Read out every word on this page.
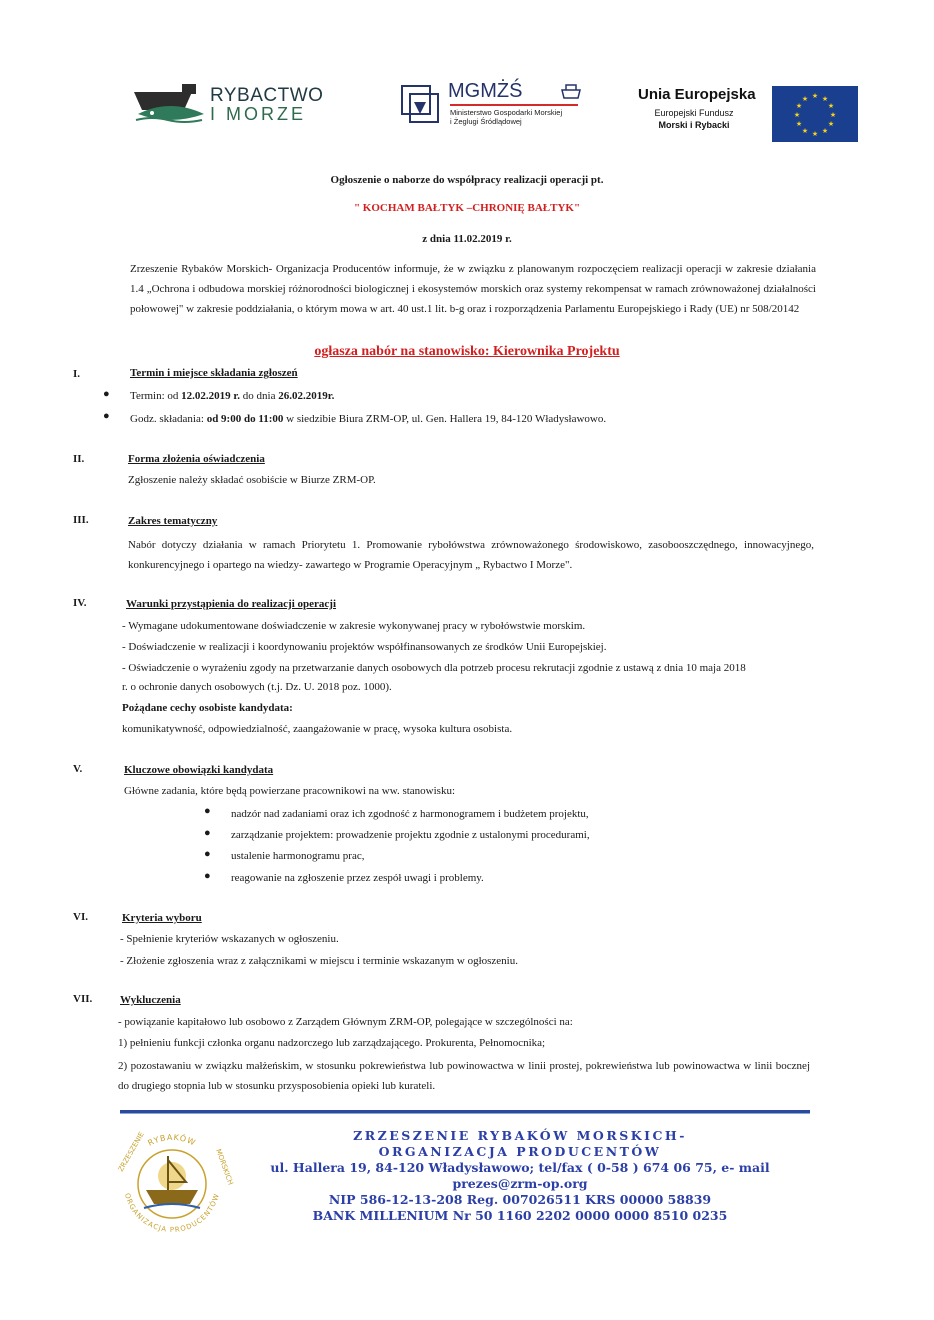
RYBACTWO
I MORZE
MGMŻŚ
Ministerstwo Gospodarki Morskiej
i Żeglugi Śródlądowej
Unia Europejska
Europejski Fundusz
Morski i Rybacki
★ ★
★
★
★
★
★
★
★
★
★
★
Ogłoszenie o naborze do współpracy realizacji operacji pt.
" KOCHAM BAŁTYK –CHRONIĘ BAŁTYK"
z dnia 11.02.2019 r.
Zrzeszenie Rybaków Morskich- Organizacja Producentów informuje, że w związku z planowanym rozpoczęciem realizacji operacji w zakresie działania 1.4 „Ochrona i odbudowa morskiej różnorodności biologicznej i ekosystemów morskich oraz systemy rekompensat w ramach zrównoważonej działalności połowowej" w zakresie poddziałania, o którym mowa w art. 40 ust.1 lit. b-g oraz i rozporządzenia Parlamentu Europejskiego i Rady (UE) nr 508/20142
ogłasza nabór na stanowisko: Kierownika Projektu
I.	Termin i miejsce składania zgłoszeń
● Termin: od 12.02.2019 r. do dnia 26.02.2019r.
● Godz. składania: od 9:00 do 11:00 w siedzibie Biura ZRM-OP, ul. Gen. Hallera 19, 84-120 Władysławowo.
II.	Forma złożenia oświadczenia
Zgłoszenie należy składać osobiście w Biurze ZRM-OP.
III.	Zakres tematyczny
Nabór dotyczy działania w ramach Priorytetu 1. Promowanie rybołówstwa zrównoważonego środowiskowo, zasobooszczędnego, innowacyjnego, konkurencyjnego i opartego na wiedzy- zawartego w Programie Operacyjnym „ Rybactwo I Morze".
IV.	Warunki przystąpienia do realizacji operacji
- Wymagane udokumentowane doświadczenie w zakresie wykonywanej pracy w rybołówstwie morskim.
- Doświadczenie w realizacji i koordynowaniu projektów współfinansowanych ze środków Unii Europejskiej.
- Oświadczenie o wyrażeniu zgody na przetwarzanie danych osobowych dla potrzeb procesu rekrutacji zgodnie z ustawą z dnia 10 maja 2018
r. o ochronie danych osobowych (t.j. Dz. U. 2018 poz. 1000).
Pożądane cechy osobiste kandydata:
komunikatywność, odpowiedzialność, zaangażowanie w pracę, wysoka kultura osobista.
V.	Kluczowe obowiązki kandydata
Główne zadania, które będą powierzane pracownikowi na ww. stanowisku:
● nadzór nad zadaniami oraz ich zgodność z harmonogramem i budżetem projektu,
● zarządzanie projektem: prowadzenie projektu zgodnie z ustalonymi procedurami,
● ustalenie harmonogramu prac,
● reagowanie na zgłoszenie przez zespół uwagi i problemy.
VI.	Kryteria wyboru
- Spełnienie kryteriów wskazanych w ogłoszeniu.
- Złożenie zgłoszenia wraz z załącznikami w miejscu i terminie wskazanym w ogłoszeniu.
VII.	Wykluczenia
- powiązanie kapitałowo lub osobowo z Zarządem Głównym ZRM-OP, polegające w szczególności na:
1) pełnieniu funkcji członka organu nadzorczego lub zarządzającego. Prokurenta, Pełnomocnika;
2) pozostawaniu w związku małżeńskim, w stosunku pokrewieństwa lub powinowactwa w linii prostej, pokrewieństwa lub powinowactwa w linii bocznej do drugiego stopnia lub w stosunku przysposobienia opieki lub kurateli.
RYBAKÓW
ORGANIZACJA PRODUCENTÓW
ZRZESZENIE	MORSKICH
ZRZESZENIE RYBAKÓW MORSKICH-
ORGANIZACJA PRODUCENTÓW
ul. Hallera 19, 84-120 Władysławowo; tel/fax ( 0-58 ) 674 06 75, e- mail
prezes@zrm-op.org
NIP 586-12-13-208 Reg. 007026511 KRS 00000 58839
BANK MILLENIUM Nr 50 1160 2202 0000 0000 8510 0235
